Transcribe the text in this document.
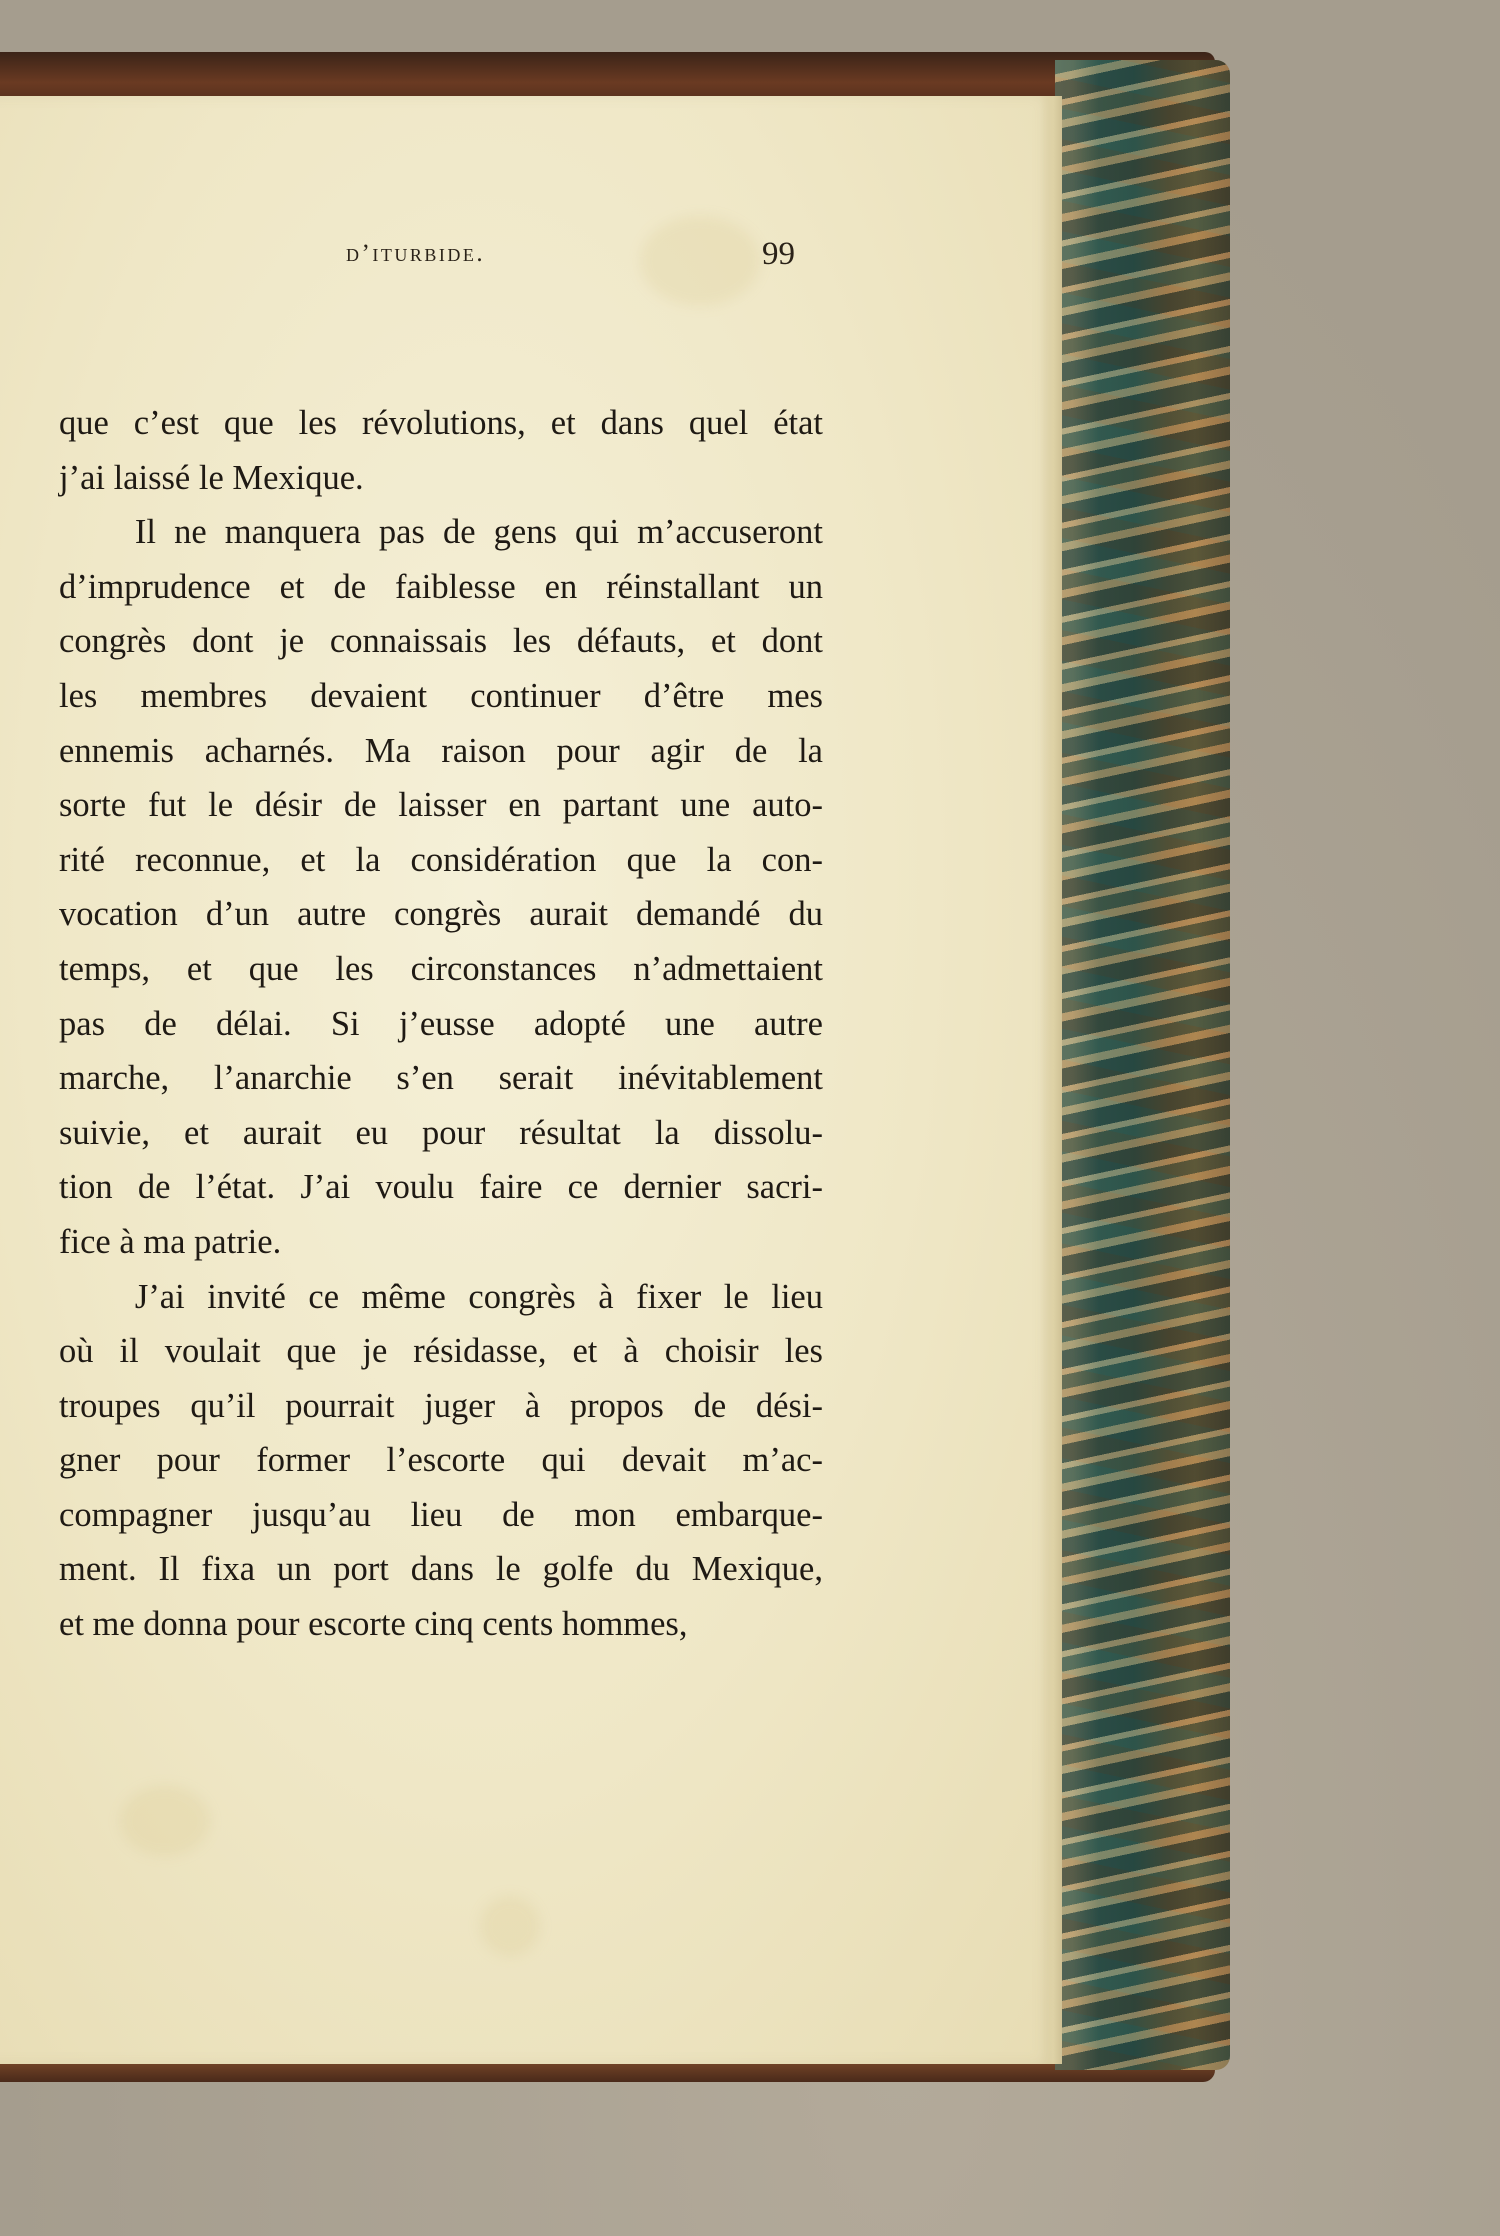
d’iturbide.	99
que c’est que les révolutions, et dans quel état
j’ai laissé le Mexique.
Il ne manquera pas de gens qui m’accuseront
d’imprudence et de faiblesse en réinstallant un
congrès dont je connaissais les défauts, et dont
les membres devaient continuer d’être mes
ennemis acharnés. Ma raison pour agir de la
sorte fut le désir de laisser en partant une auto-
rité reconnue, et la considération que la con-
vocation d’un autre congrès aurait demandé du
temps, et que les circonstances n’admettaient
pas de délai. Si j’eusse adopté une autre
marche, l’anarchie s’en serait inévitablement
suivie, et aurait eu pour résultat la dissolu-
tion de l’état. J’ai voulu faire ce dernier sacri-
fice à ma patrie.
J’ai invité ce même congrès à fixer le lieu
où il voulait que je résidasse, et à choisir les
troupes qu’il pourrait juger à propos de dési-
gner pour former l’escorte qui devait m’ac-
compagner jusqu’au lieu de mon embarque-
ment. Il fixa un port dans le golfe du Mexique,
et me donna pour escorte cinq cents hommes,
